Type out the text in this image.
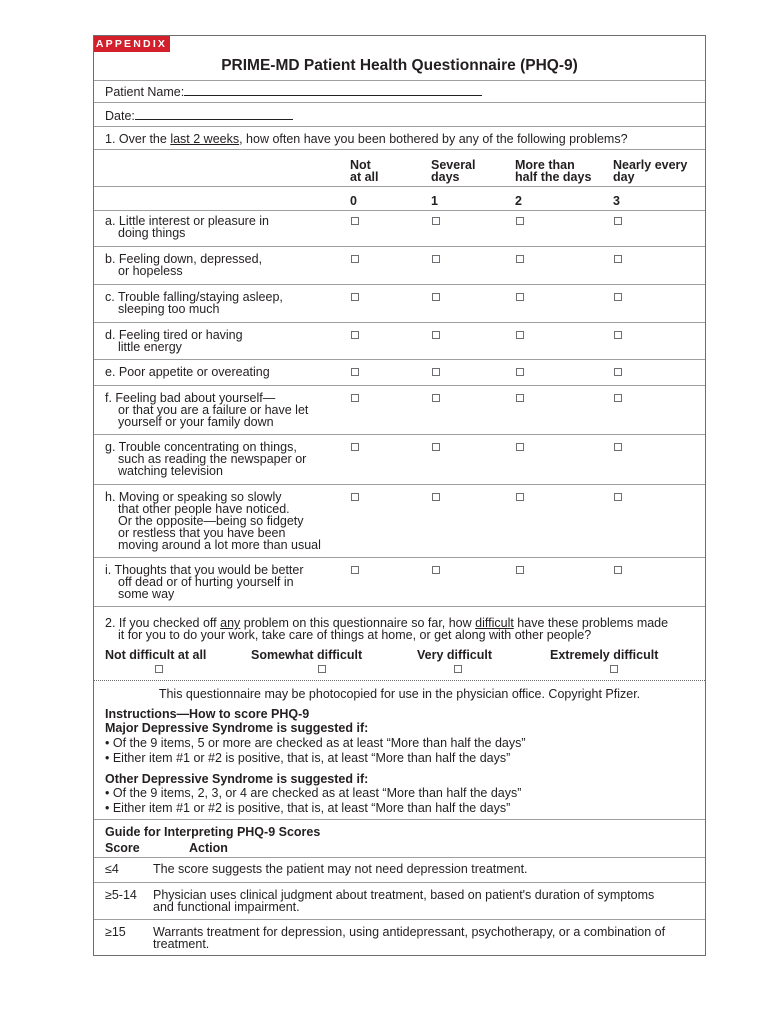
APPENDIX
PRIME-MD Patient Health Questionnaire (PHQ-9)
Patient Name:
Date:
1. Over the last 2 weeks, how often have you been bothered by any of the following problems?
Not
at all
Several
days
More than
half the days
Nearly every
day
0	1	2	3
a. Little interest or pleasure in

doing things
b. Feeling down, depressed,

or hopeless
c. Trouble falling/staying asleep,

sleeping too much
d. Feeling tired or having

little energy
e. Poor appetite or overeating
f. Feeling bad about yourself—

or that you are a failure or have let
yourself or your family down
g. Trouble concentrating on things,

such as reading the newspaper or
watching television
h. Moving or speaking so slowly

that other people have noticed.
Or the opposite—being so fidgety
or restless that you have been
moving around a lot more than usual
i. Thoughts that you would be better

off dead or of hurting yourself in
some way
2. If you checked off any problem on this questionnaire so far, how difficult have these problems made
it for you to do your work, take care of things at home, or get along with other people?
Not difficult at all	Somewhat difficult	Very difficult	Extremely difficult
This questionnaire may be photocopied for use in the physician office. Copyright Pfizer.
Instructions—How to score PHQ-9
Major Depressive Syndrome is suggested if:
• Of the 9 items, 5 or more are checked as at least “More than half the days”
• Either item #1 or #2 is positive, that is, at least “More than half the days”
Other Depressive Syndrome is suggested if:
• Of the 9 items, 2, 3, or 4 are checked as at least “More than half the days”
• Either item #1 or #2 is positive, that is, at least “More than half the days”
Guide for Interpreting PHQ-9 Scores
Score	Action
≤4	The score suggests the patient may not need depression treatment.
≥5-14 Physician uses clinical judgment about treatment, based on patient's duration of symptoms
and functional impairment.
≥15 Warrants treatment for depression, using antidepressant, psychotherapy, or a combination of
treatment.
